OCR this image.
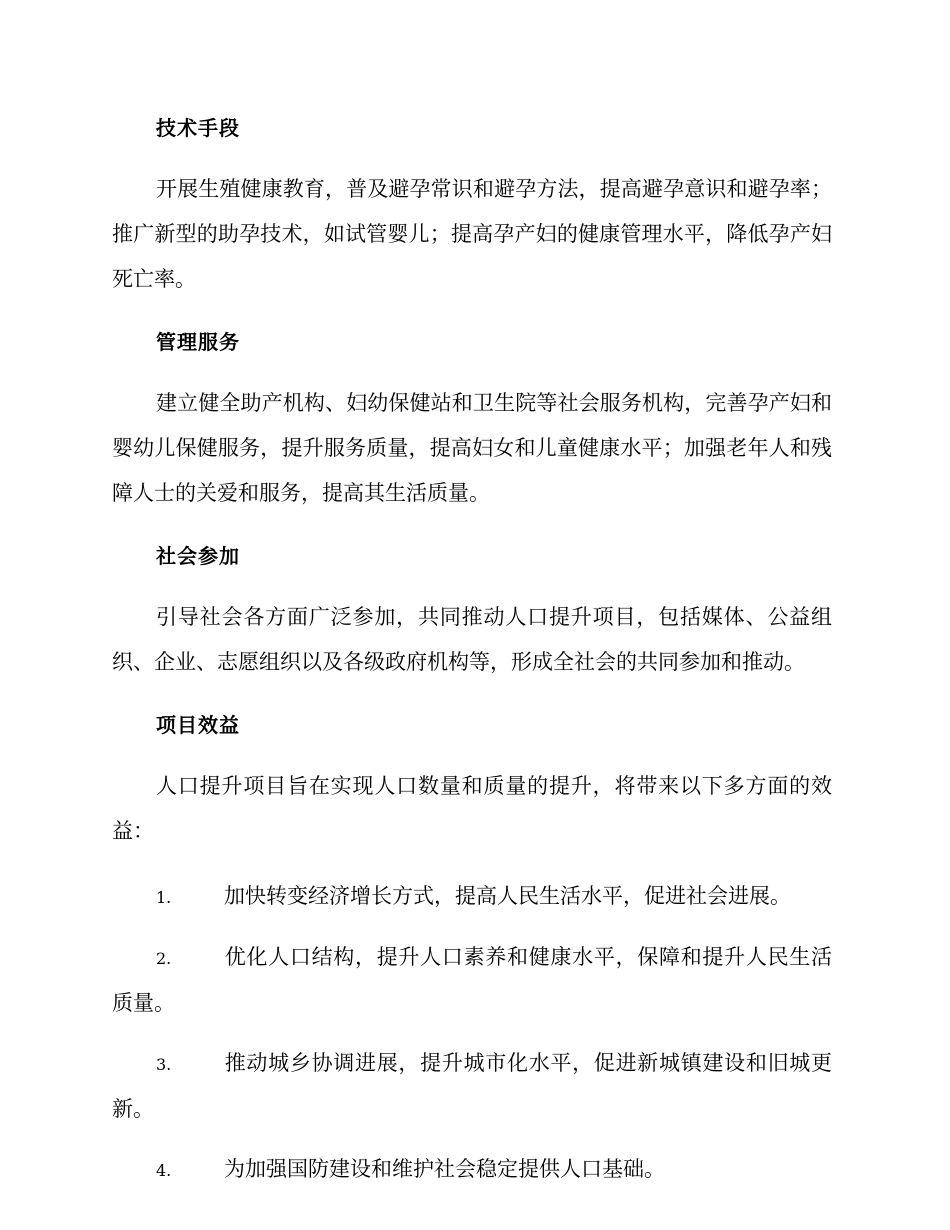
技术手段

开展生殖健康教育，普及避孕常识和避孕方法，提高避孕意识和避孕率；推广新型的助孕技术，如试管婴儿；提高孕产妇的健康管理水平，降低孕产妇死亡率。

管理服务

建立健全助产机构、妇幼保健站和卫生院等社会服务机构，完善孕产妇和婴幼儿保健服务，提升服务质量，提高妇女和儿童健康水平；加强老年人和残障人士的关爱和服务，提高其生活质量。

社会参加

引导社会各方面广泛参加，共同推动人口提升项目，包括媒体、公益组织、企业、志愿组织以及各级政府机构等，形成全社会的共同参加和推动。

项目效益

人口提升项目旨在实现人口数量和质量的提升，将带来以下多方面的效益：

1.	加快转变经济增长方式，提高人民生活水平，促进社会进展。

2.	优化人口结构，提升人口素养和健康水平，保障和提升人民生活质量。

3.	推动城乡协调进展，提升城市化水平，促进新城镇建设和旧城更新。

4.	为加强国防建设和维护社会稳定提供人口基础。
